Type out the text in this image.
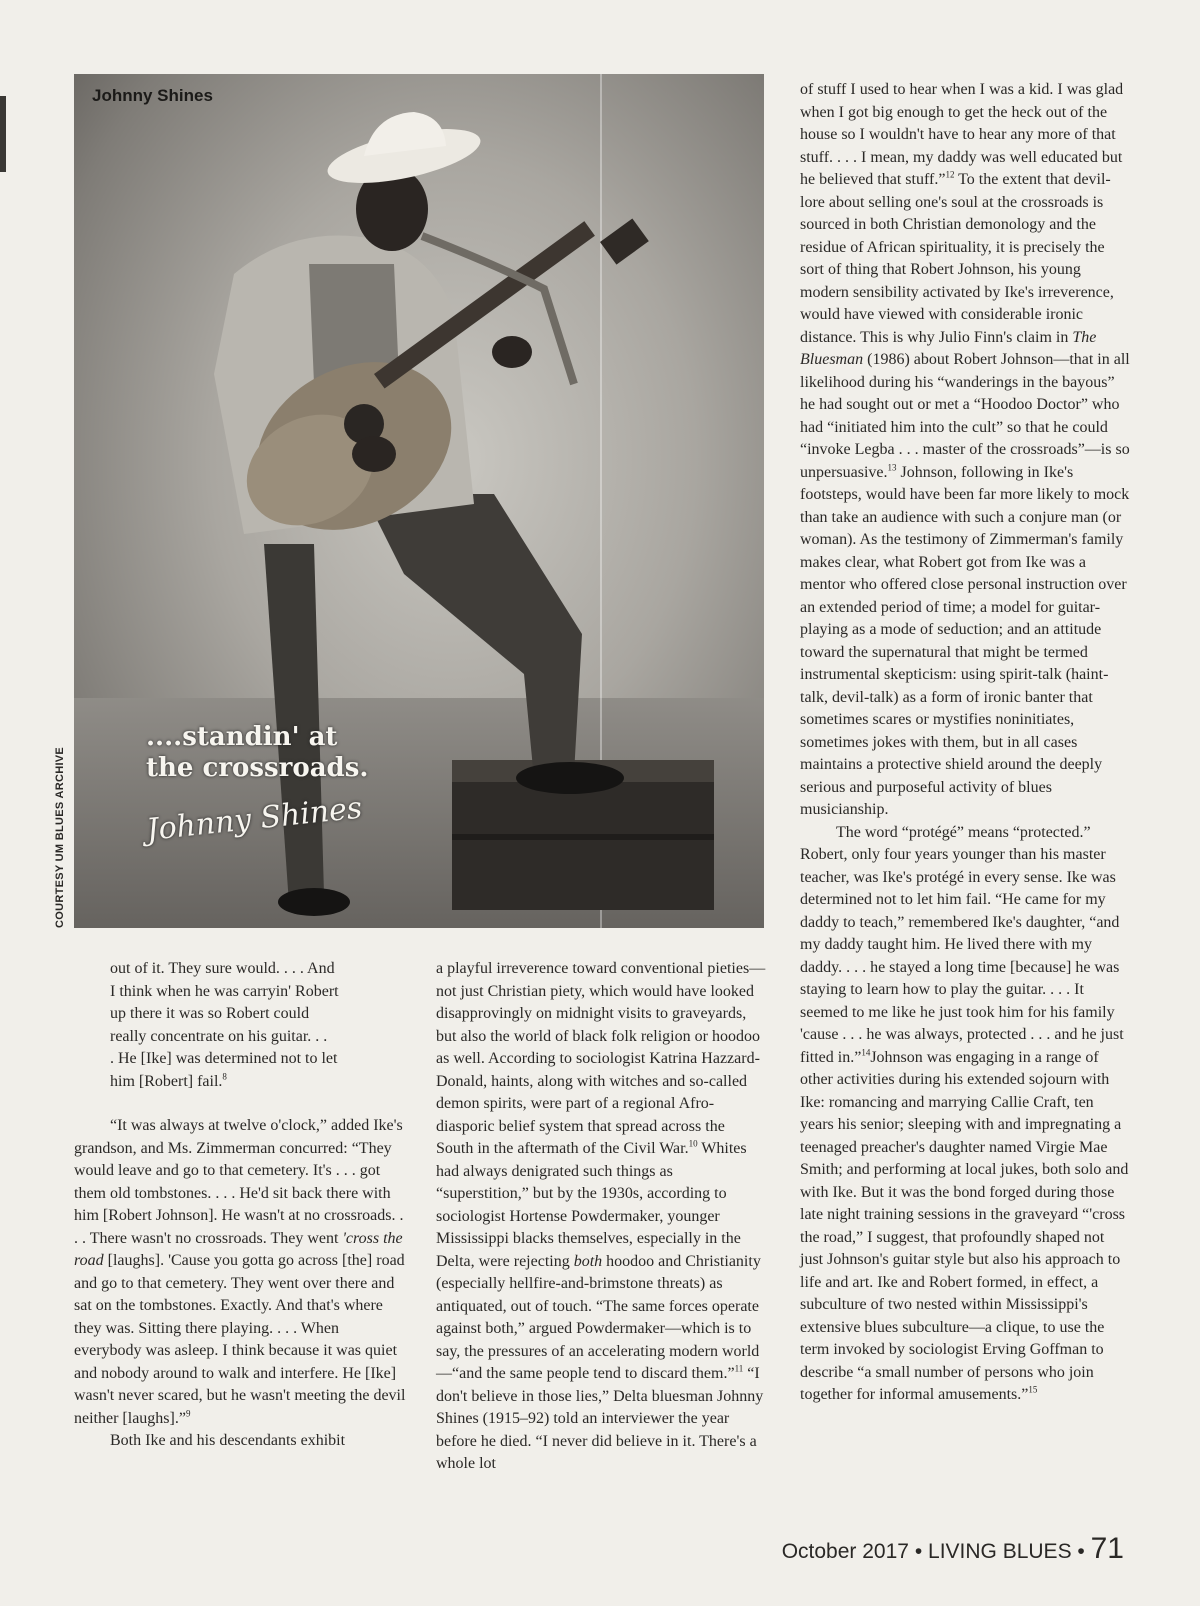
Johnny Shines
....standin' at
the crossroads.
Johnny Shines
COURTESY UM BLUES ARCHIVE

out of it. They sure would. . . . And

I think when he was carryin' Robert

up there it was so Robert could

really concentrate on his guitar. . .

. He [Ike] was determined not to let

him [Robert] fail.$^8$

“It was always at twelve o'clock,” added Ike's grandson, and Ms. Zimmerman concurred: “They would leave and go to that cemetery. It's . . . got them old tombstones. . . . He'd sit back there with him [Robert Johnson]. He wasn't at no crossroads. . . . There wasn't no crossroads. They went 'cross the road [laughs]. 'Cause you gotta go across [the] road and go to that cemetery. They went over there and sat on the tombstones. Exactly. And that's where they was. Sitting there playing. . . . When everybody was asleep. I think because it was quiet and nobody around to walk and interfere. He [Ike] wasn't never scared, but he wasn't meeting the devil neither [laughs].”$^9$

Both Ike and his descendants exhibit

a playful irreverence toward conventional pieties—not just Christian piety, which would have looked disapprovingly on midnight visits to graveyards, but also the world of black folk religion or hoodoo as well. According to sociologist Katrina Hazzard-Donald, haints, along with witches and so-called demon spirits, were part of a regional Afro-diasporic belief system that spread across the South in the aftermath of the Civil War.$^{10}$ Whites had always denigrated such things as “superstition,” but by the 1930s, according to sociologist Hortense Powdermaker, younger Mississippi blacks themselves, especially in the Delta, were rejecting both hoodoo and Christianity (especially hellfire-and-brimstone threats) as antiquated, out of touch. “The same forces operate against both,” argued Powdermaker—which is to say, the pressures of an accelerating modern world—“and the same people tend to discard them.”$^{11}$ “I don't believe in those lies,” Delta bluesman Johnny Shines (1915–92) told an interviewer the year before he died. “I never did believe in it. There's a whole lot

of stuff I used to hear when I was a kid. I was glad when I got big enough to get the heck out of the house so I wouldn't have to hear any more of that stuff. . . . I mean, my daddy was well educated but he believed that stuff.”$^{12}$ To the extent that devil-lore about selling one's soul at the crossroads is sourced in both Christian demonology and the residue of African spirituality, it is precisely the sort of thing that Robert Johnson, his young modern sensibility activated by Ike's irreverence, would have viewed with considerable ironic distance. This is why Julio Finn's claim in The Bluesman (1986) about Robert Johnson—that in all likelihood during his “wanderings in the bayous” he had sought out or met a “Hoodoo Doctor” who had “initiated him into the cult” so that he could “invoke Legba . . . master of the crossroads”—is so unpersuasive.$^{13}$ Johnson, following in Ike's footsteps, would have been far more likely to mock than take an audience with such a conjure man (or woman). As the testimony of Zimmerman's family makes clear, what Robert got from Ike was a mentor who offered close personal instruction over an extended period of time; a model for guitar-playing as a mode of seduction; and an attitude toward the supernatural that might be termed instrumental skepticism: using spirit-talk (haint-talk, devil-talk) as a form of ironic banter that sometimes scares or mystifies noninitiates, sometimes jokes with them, but in all cases maintains a protective shield around the deeply serious and purposeful activity of blues musicianship.

The word “protégé” means “protected.” Robert, only four years younger than his master teacher, was Ike's protégé in every sense. Ike was determined not to let him fail. “He came for my daddy to teach,” remembered Ike's daughter, “and my daddy taught him. He lived there with my daddy. . . . he stayed a long time [because] he was staying to learn how to play the guitar. . . . It seemed to me like he just took him for his family 'cause . . . he was always, protected . . . and he just fitted in.”$^{14}$Johnson was engaging in a range of other activities during his extended sojourn with Ike: romancing and marrying Callie Craft, ten years his senior; sleeping with and impregnating a teenaged preacher's daughter named Virgie Mae Smith; and performing at local jukes, both solo and with Ike. But it was the bond forged during those late night training sessions in the graveyard “'cross the road,” I suggest, that profoundly shaped not just Johnson's guitar style but also his approach to life and art. Ike and Robert formed, in effect, a subculture of two nested within Mississippi's extensive blues subculture—a clique, to use the term invoked by sociologist Erving Goffman to describe “a small number of persons who join together for informal amusements.”$^{15}$

October 2017 • LIVING BLUES • 71
